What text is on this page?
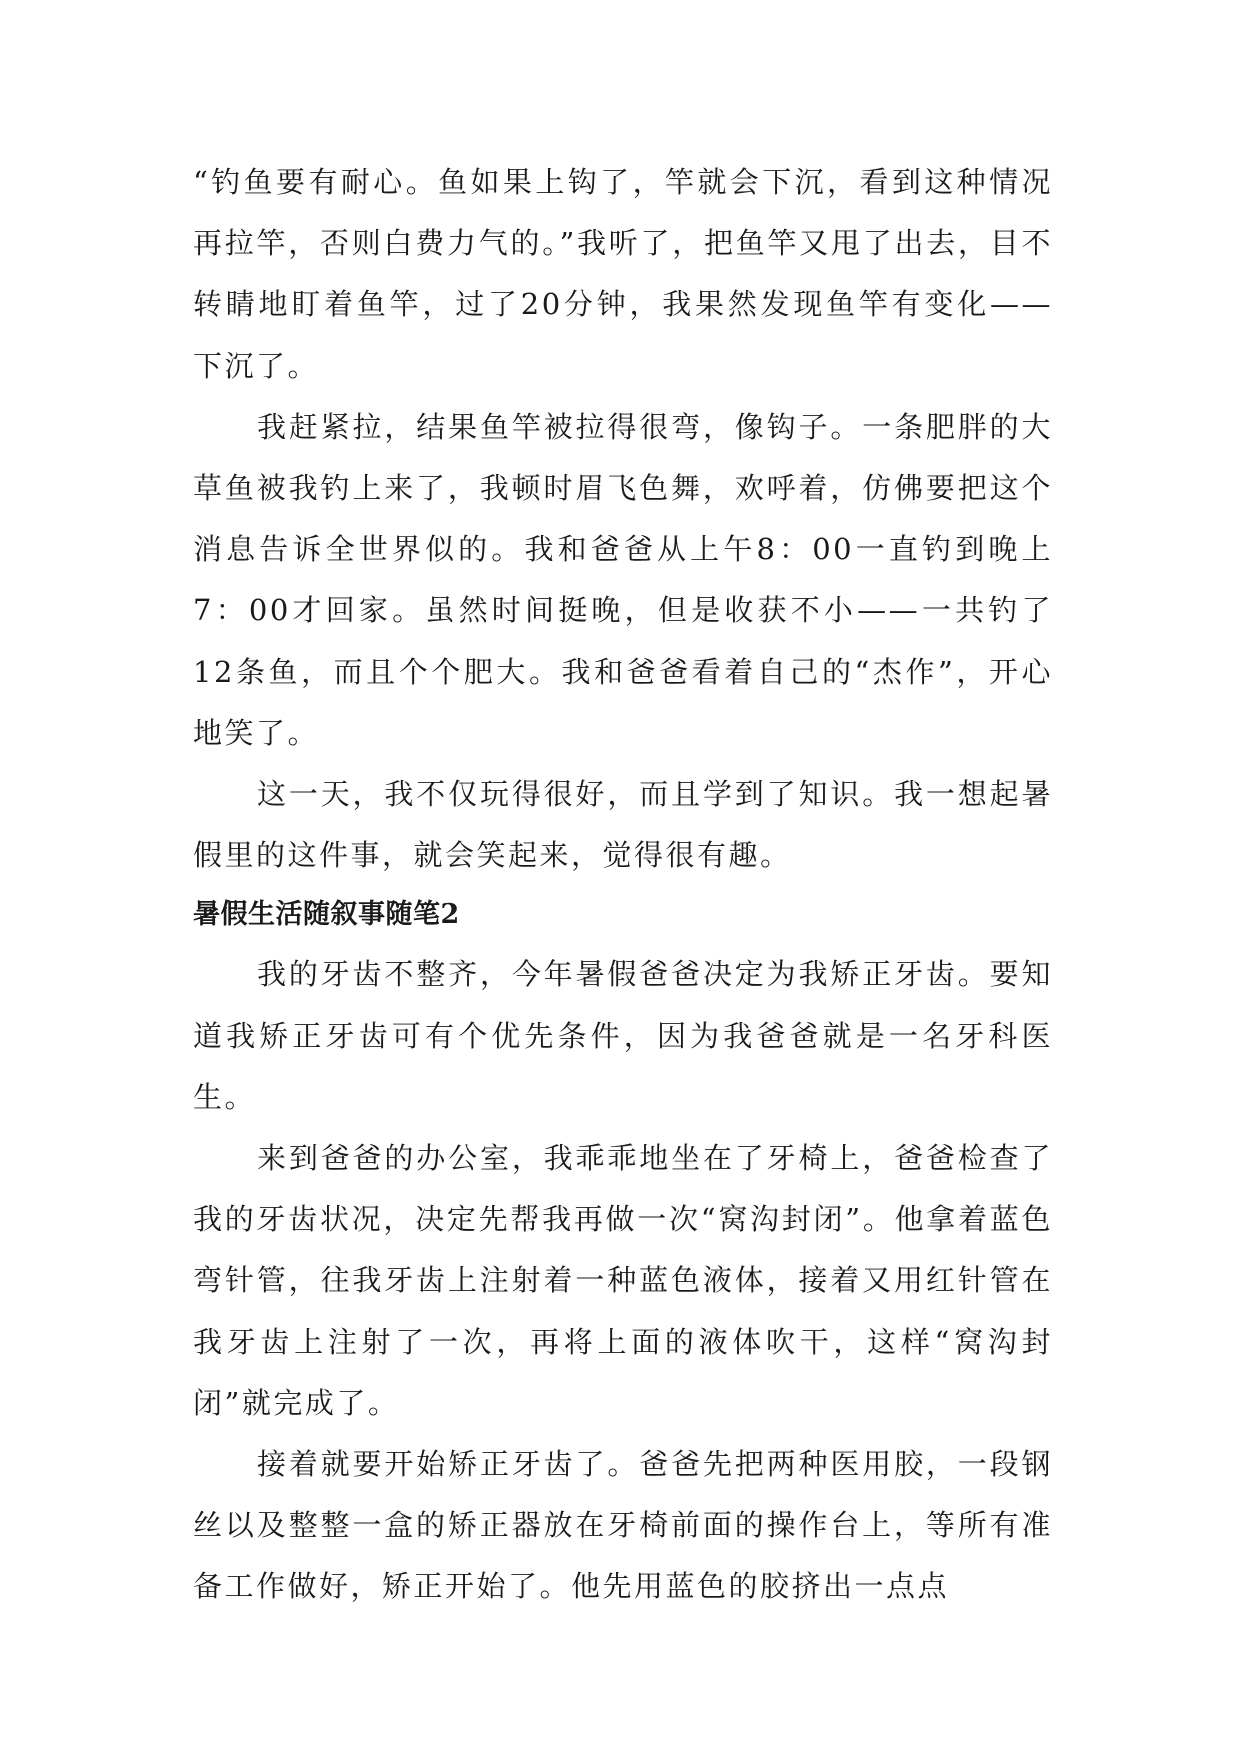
“钓鱼要有耐心。鱼如果上钩了，竿就会下沉，看到这种情况再拉竿，否则白费力气的。”我听了，把鱼竿又甩了出去，目不转睛地盯着鱼竿，过了20分钟，我果然发现鱼竿有变化——下沉了。

我赶紧拉，结果鱼竿被拉得很弯，像钩子。一条肥胖的大草鱼被我钓上来了，我顿时眉飞色舞，欢呼着，仿佛要把这个消息告诉全世界似的。我和爸爸从上午8：00一直钓到晚上7：00才回家。虽然时间挺晚，但是收获不小——一共钓了12条鱼，而且个个肥大。我和爸爸看着自己的“杰作”，开心地笑了。

这一天，我不仅玩得很好，而且学到了知识。我一想起暑假里的这件事，就会笑起来，觉得很有趣。

暑假生活随叙事随笔2

我的牙齿不整齐，今年暑假爸爸决定为我矫正牙齿。要知道我矫正牙齿可有个优先条件，因为我爸爸就是一名牙科医生。

来到爸爸的办公室，我乖乖地坐在了牙椅上，爸爸检查了我的牙齿状况，决定先帮我再做一次“窝沟封闭”。他拿着蓝色弯针管，往我牙齿上注射着一种蓝色液体，接着又用红针管在我牙齿上注射了一次，再将上面的液体吹干，这样“窝沟封闭”就完成了。

接着就要开始矫正牙齿了。爸爸先把两种医用胶，一段钢丝以及整整一盒的矫正器放在牙椅前面的操作台上，等所有准备工作做好，矫正开始了。他先用蓝色的胶挤出一点点
